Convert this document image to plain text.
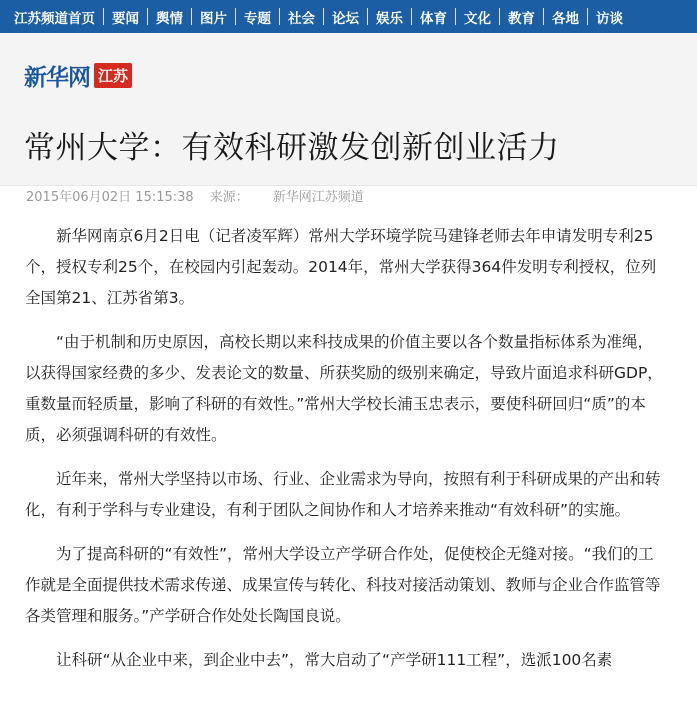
江苏频道首页 要闻 舆情 图片 专题 社会 论坛 娱乐 体育 文化 教育 各地 访谈
新华网 江苏
常州大学：有效科研激发创新创业活力
2015年06月02日 15:15:38 来源： 新华网江苏频道

新华网南京6月2日电（记者凌军辉）常州大学环境学院马建锋老师去年申请发明专利25个，授权专利25个，在校园内引起轰动。2014年，常州大学获得364件发明专利授权，位列全国第21、江苏省第3。

“由于机制和历史原因，高校长期以来科技成果的价值主要以各个数量指标体系为准绳，以获得国家经费的多少、发表论文的数量、所获奖励的级别来确定，导致片面追求科研GDP，重数量而轻质量，影响了科研的有效性。”常州大学校长浦玉忠表示，要使科研回归“质”的本质，必须强调科研的有效性。

近年来，常州大学坚持以市场、行业、企业需求为导向，按照有利于科研成果的产出和转化，有利于学科与专业建设，有利于团队之间协作和人才培养来推动“有效科研”的实施。

为了提高科研的“有效性”，常州大学设立产学研合作处，促使校企无缝对接。“我们的工作就是全面提供技术需求传递、成果宣传与转化、科技对接活动策划、教师与企业合作监管等各类管理和服务。”产学研合作处处长陶国良说。

让科研“从企业中来，到企业中去”，常大启动了“产学研111工程”，选派100名素
